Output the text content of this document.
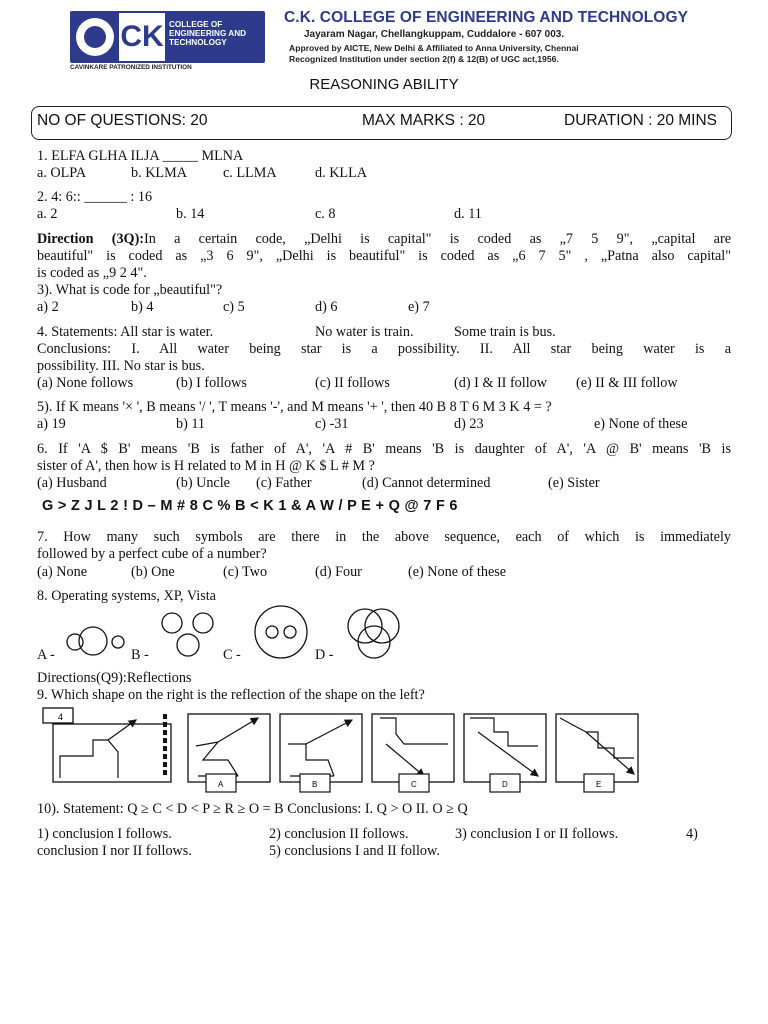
CK COLLEGE OF ENGINEERING AND TECHNOLOGY
CAVINKARE PATRONIZED INSTITUTION
C.K. COLLEGE OF ENGINEERING AND TECHNOLOGY
Jayaram Nagar, Chellangkuppam, Cuddalore - 607 003.
Approved by AICTE, New Delhi & Affiliated to Anna University, Chennai
Recognized Institution under section 2(f) & 12(B) of UGC act,1956.
REASONING ABILITY
NO OF QUESTIONS: 20	MAX MARKS : 20	DURATION : 20 MINS
1. ELFA GLHA ILJA _____ MLNA
a. OLPA	b. KLMA	c. LLMA	d. KLLA
2. 4: 6:: ______ : 16
a. 2	b. 14	c. 8	d. 11
Direction (3Q):In a certain code, „Delhi is capital" is coded as „7 5 9", „capital are
beautiful" is coded as „3 6 9", „Delhi is beautiful" is coded as „6 7 5" , „Patna also capital"
is coded as „9 2 4".
3). What is code for „beautiful"?
a) 2	b) 4	c) 5	d) 6	e) 7
4. Statements: All star is water.	No water is train.	Some train is bus.
Conclusions: I. All water being star is a possibility. II. All star being water is a
possibility. III. No star is bus.
(a) None follows	(b) I follows	(c) II follows	(d) I & II follow (e) II & III follow
5). If K means '× ', B means '/ ', T means '-', and M means '+ ', then 40 B 8 T 6 M 3 K 4 = ?
a) 19	b) 11	c) -31	d) 23	e) None of these
6. If 'A $ B' means 'B is father of A', 'A # B' means 'B is daughter of A', 'A @ B' means 'B is
sister of A', then how is H related to M in H @ K $ L # M ?
(a) Husband	(b) Uncle (c) Father	(d) Cannot determined	(e) Sister
G > Z J L 2 ! D – M # 8 C % B < K 1 & A W / P E + Q @ 7 F 6
7. How many such symbols are there in the above sequence, each of which is immediately
followed by a perfect cube of a number?
(a) None	(b) One	(c) Two	(d) Four	(e) None of these
8. Operating systems, XP, Vista
A -	B -	C -	D -
Directions(Q9):Reflections
9. Which shape on the right is the reflection of the shape on the left?
4
A	B	C	D	E
10). Statement: Q ≥ C < D < P ≥ R ≥ O = B Conclusions: I. Q > O II. O ≥ Q
1) conclusion I follows.	2) conclusion II follows.	3) conclusion I or II follows.	4)
conclusion I nor II follows.	5) conclusions I and II follow.
